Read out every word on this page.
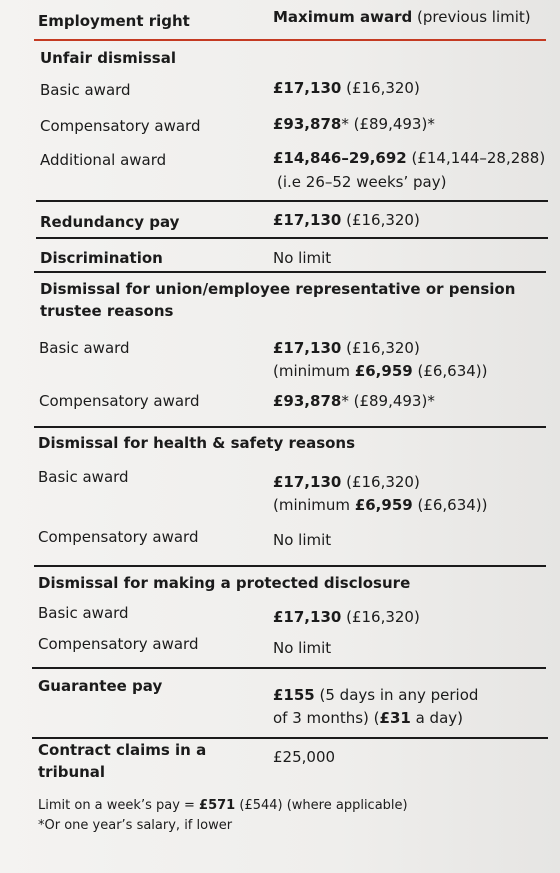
Employment right	Maximum award (previous limit)
Unfair dismissal
Basic award	£17,130 (£16,320)
Compensatory award	£93,878* (£89,493)*
Additional award	£14,846–29,692 (£14,144–28,288)
(i.e 26–52 weeks’ pay)
Redundancy pay	£17,130 (£16,320)
Discrimination	No limit
Dismissal for union/employee representative or pension
trustee reasons
Basic award	£17,130 (£16,320)
(minimum £6,959 (£6,634))
Compensatory award	£93,878* (£89,493)*
Dismissal for health & safety reasons
Basic award	£17,130 (£16,320)
(minimum £6,959 (£6,634))
Compensatory award	No limit
Dismissal for making a protected disclosure
Basic award	£17,130 (£16,320)
Compensatory award	No limit
Guarantee pay	£155 (5 days in any period
of 3 months) (£31 a day)
Contract claims in a	£25,000
tribunal
Limit on a week’s pay = £571 (£544) (where applicable)
*Or one year’s salary, if lower
